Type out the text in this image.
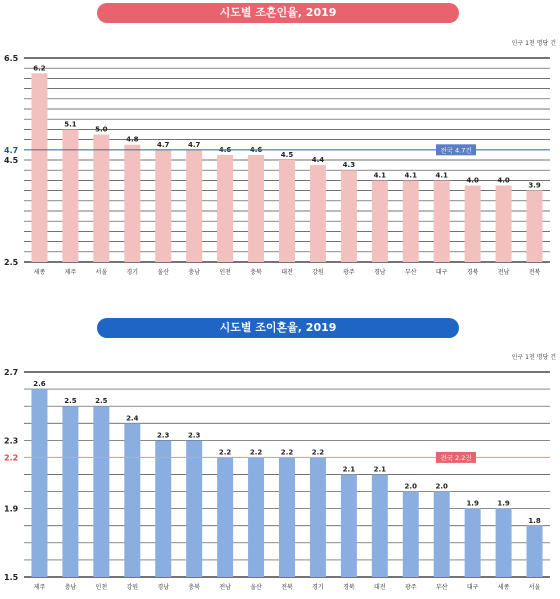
시도별 조혼인율, 2019
인구 1천 명당 건
2.5
4.5
6.5
6.2
세종
5.1
제주
5.0
서울
4.8
경기
4.7
울산
4.7
충남
4.6
인천
4.6
충북
4.5
대전
4.4
강원
4.3
광주
4.1
경남
4.1
부산
4.1
대구
4.0
경북
4.0
전남
3.9
전북
4.7	전국 4.7건
시도별 조이혼율, 2019
인구 1천 명당 건
1.5
1.9
2.3
2.7
2.6
제주
2.5
충남
2.5
인천
2.4
강원
2.3
경남
2.3
충북
2.2
전남
2.2
울산
2.2
전북
2.2
경기
2.1
경북
2.1
대전
2.0
광주
2.0
부산
1.9
대구
1.9
세종
1.8
서울
2.2	전국 2.2건
